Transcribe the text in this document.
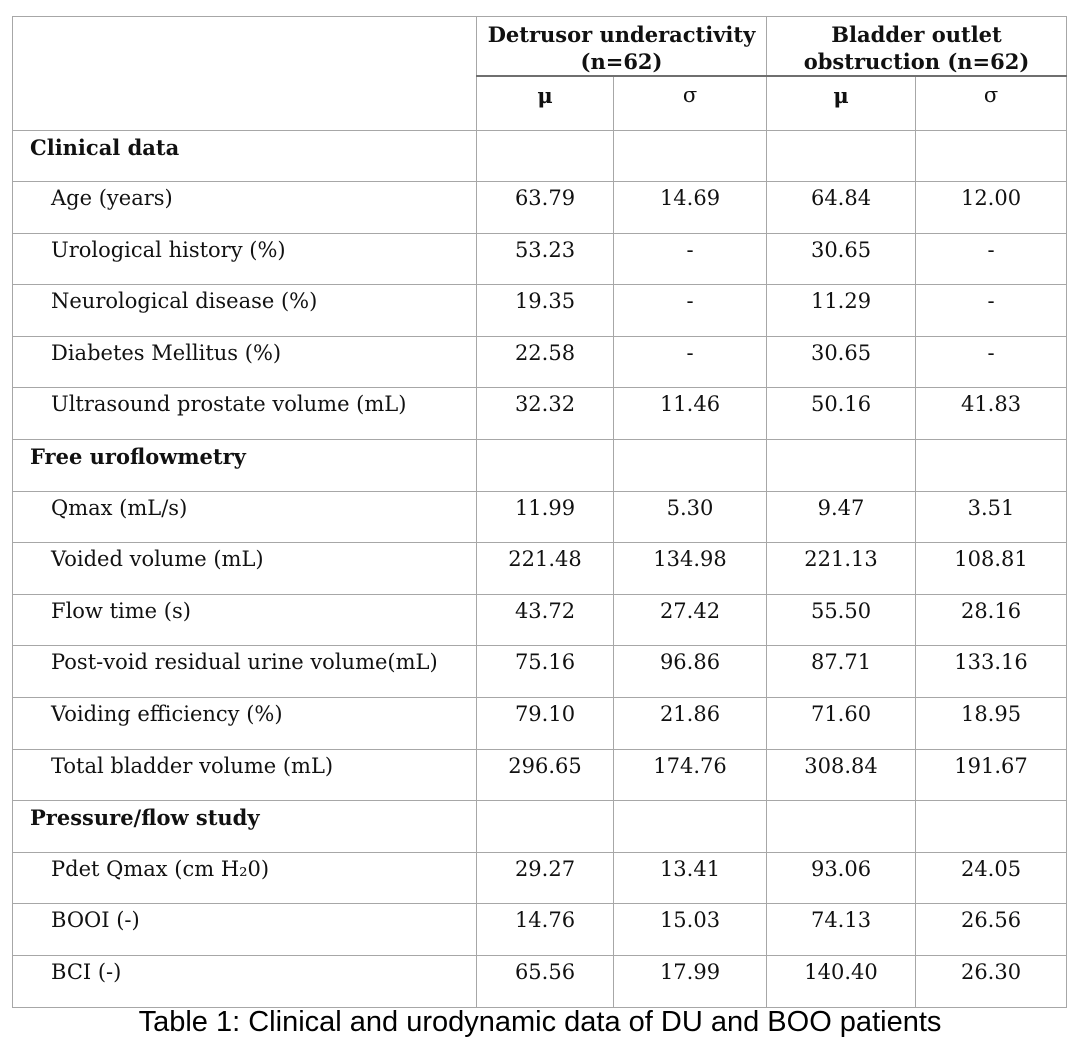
	Detrusor underactivity (n=62)		Bladder outlet obstruction (n=62)	
	μ	σ	μ	σ
Clinical data				
Age (years)	63.79	14.69	64.84	12.00
Urological history (%)	53.23	-	30.65	-
Neurological disease (%)	19.35	-	11.29	-
Diabetes Mellitus (%)	22.58	-	30.65	-
Ultrasound prostate volume (mL)	32.32	11.46	50.16	41.83
Free uroflowmetry				
Qmax (mL/s)	11.99	5.30	9.47	3.51
Voided volume (mL)	221.48	134.98	221.13	108.81
Flow time (s)	43.72	27.42	55.50	28.16
Post-void residual urine volume(mL)	75.16	96.86	87.71	133.16
Voiding efficiency (%)	79.10	21.86	71.60	18.95
Total bladder volume (mL)	296.65	174.76	308.84	191.67
Pressure/flow study				
Pdet Qmax (cm H₂0)	29.27	13.41	93.06	24.05
BOOI (-)	14.76	15.03	74.13	26.56
BCI (-)	65.56	17.99	140.40	26.30
Table 1: Clinical and urodynamic data of DU and BOO patients
